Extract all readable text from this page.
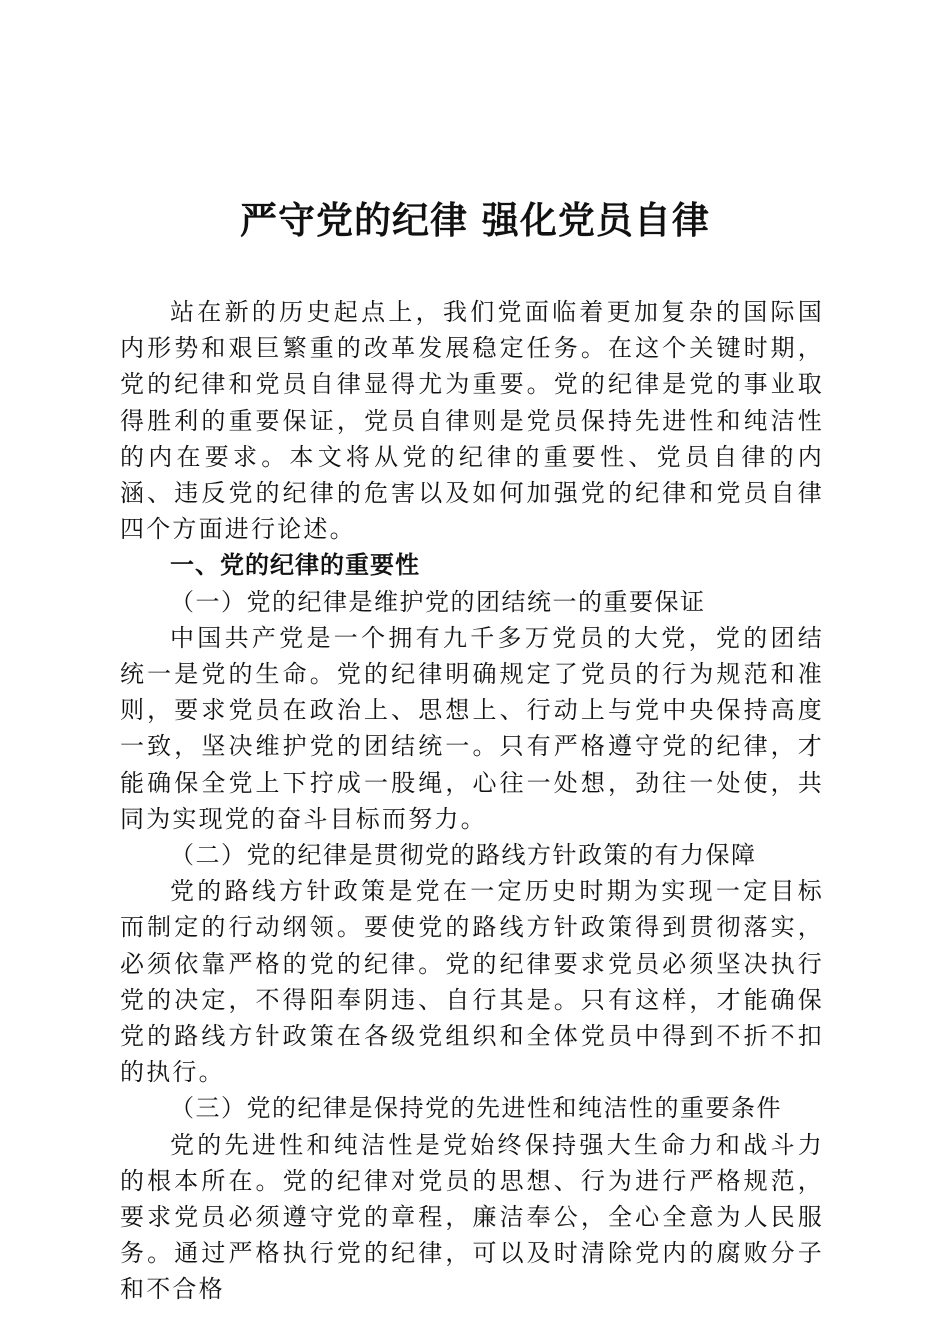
严守党的纪律 强化党员自律

站在新的历史起点上，我们党面临着更加复杂的国际国内形势和艰巨繁重的改革发展稳定任务。在这个关键时期，党的纪律和党员自律显得尤为重要。党的纪律是党的事业取得胜利的重要保证，党员自律则是党员保持先进性和纯洁性的内在要求。本文将从党的纪律的重要性、党员自律的内涵、违反党的纪律的危害以及如何加强党的纪律和党员自律四个方面进行论述。

一、党的纪律的重要性

（一）党的纪律是维护党的团结统一的重要保证

中国共产党是一个拥有九千多万党员的大党，党的团结统一是党的生命。党的纪律明确规定了党员的行为规范和准则，要求党员在政治上、思想上、行动上与党中央保持高度一致，坚决维护党的团结统一。只有严格遵守党的纪律，才能确保全党上下拧成一股绳，心往一处想，劲往一处使，共同为实现党的奋斗目标而努力。

（二）党的纪律是贯彻党的路线方针政策的有力保障

党的路线方针政策是党在一定历史时期为实现一定目标而制定的行动纲领。要使党的路线方针政策得到贯彻落实，必须依靠严格的党的纪律。党的纪律要求党员必须坚决执行党的决定，不得阳奉阴违、自行其是。只有这样，才能确保党的路线方针政策在各级党组织和全体党员中得到不折不扣的执行。

（三）党的纪律是保持党的先进性和纯洁性的重要条件

党的先进性和纯洁性是党始终保持强大生命力和战斗力的根本所在。党的纪律对党员的思想、行为进行严格规范，要求党员必须遵守党的章程，廉洁奉公，全心全意为人民服务。通过严格执行党的纪律，可以及时清除党内的腐败分子和不合格
